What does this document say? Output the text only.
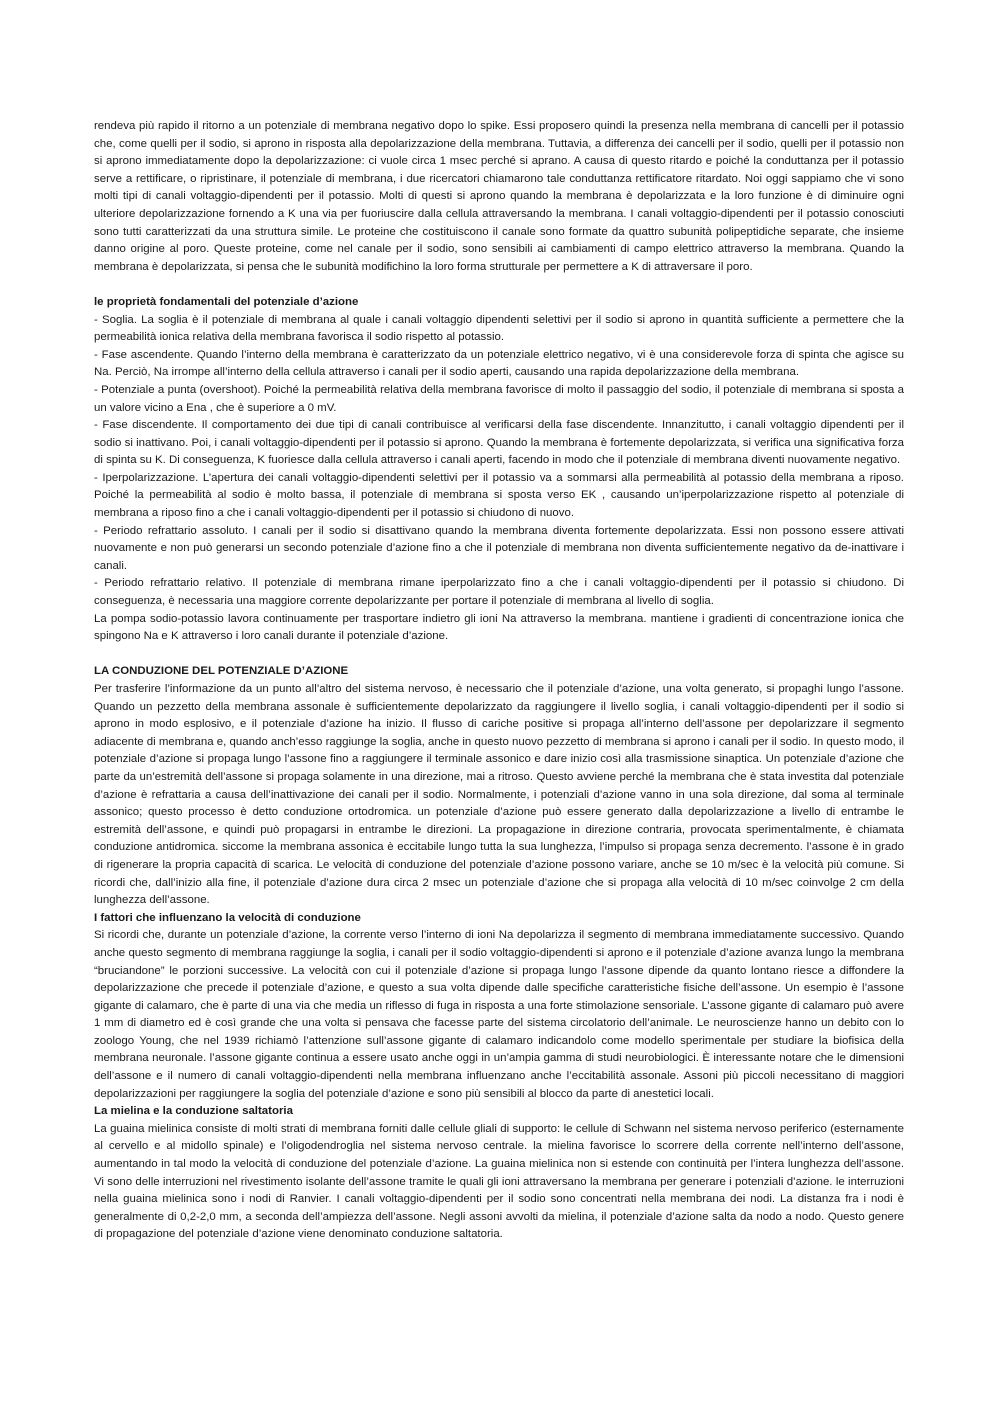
rendeva più rapido il ritorno a un potenziale di membrana negativo dopo lo spike. Essi proposero quindi la presenza nella membrana di cancelli per il potassio che, come quelli per il sodio, si aprono in risposta alla depolarizzazione della membrana. Tuttavia, a differenza dei cancelli per il sodio, quelli per il potassio non si aprono immediatamente dopo la depolarizzazione: ci vuole circa 1 msec perché si aprano. A causa di questo ritardo e poiché la conduttanza per il potassio serve a rettificare, o ripristinare, il potenziale di membrana, i due ricercatori chiamarono tale conduttanza rettificatore ritardato. Noi oggi sappiamo che vi sono molti tipi di canali voltaggio-dipendenti per il potassio. Molti di questi si aprono quando la membrana è depolarizzata e la loro funzione è di diminuire ogni ulteriore depolarizzazione fornendo a K una via per fuoriuscire dalla cellula attraversando la membrana. I canali voltaggio-dipendenti per il potassio conosciuti sono tutti caratterizzati da una struttura simile. Le proteine che costituiscono il canale sono formate da quattro subunità polipeptidiche separate, che insieme danno origine al poro. Queste proteine, come nel canale per il sodio, sono sensibili ai cambiamenti di campo elettrico attraverso la membrana. Quando la membrana è depolarizzata, si pensa che le subunità modifichino la loro forma strutturale per permettere a K di attraversare il poro.

le proprietà fondamentali del potenziale d’azione

- Soglia. La soglia è il potenziale di membrana al quale i canali voltaggio dipendenti selettivi per il sodio si aprono in quantità sufficiente a permettere che la permeabilità ionica relativa della membrana favorisca il sodio rispetto al potassio.

- Fase ascendente. Quando l’interno della membrana è caratterizzato da un potenziale elettrico negativo, vi è una considerevole forza di spinta che agisce su Na. Perciò, Na irrompe all’interno della cellula attraverso i canali per il sodio aperti, causando una rapida depolarizzazione della membrana.

- Potenziale a punta (overshoot). Poiché la permeabilità relativa della membrana favorisce di molto il passaggio del sodio, il potenziale di membrana si sposta a un valore vicino a Ena , che è superiore a 0 mV.

- Fase discendente. Il comportamento dei due tipi di canali contribuisce al verificarsi della fase discendente. Innanzitutto, i canali voltaggio dipendenti per il sodio si inattivano. Poi, i canali voltaggio-dipendenti per il potassio si aprono. Quando la membrana è fortemente depolarizzata, si verifica una significativa forza di spinta su K. Di conseguenza, K fuoriesce dalla cellula attraverso i canali aperti, facendo in modo che il potenziale di membrana diventi nuovamente negativo.

- Iperpolarizzazione. L’apertura dei canali voltaggio-dipendenti selettivi per il potassio va a sommarsi alla permeabilità al potassio della membrana a riposo. Poiché la permeabilità al sodio è molto bassa, il potenziale di membrana si sposta verso EK , causando un’iperpolarizzazione rispetto al potenziale di membrana a riposo fino a che i canali voltaggio-dipendenti per il potassio si chiudono di nuovo.

- Periodo refrattario assoluto. I canali per il sodio si disattivano quando la membrana diventa fortemente depolarizzata. Essi non possono essere attivati nuovamente e non può generarsi un secondo potenziale d’azione fino a che il potenziale di membrana non diventa sufficientemente negativo da de-inattivare i canali.

- Periodo refrattario relativo. Il potenziale di membrana rimane iperpolarizzato fino a che i canali voltaggio-dipendenti per il potassio si chiudono. Di conseguenza, è necessaria una maggiore corrente depolarizzante per portare il potenziale di membrana al livello di soglia.

La pompa sodio-potassio lavora continuamente per trasportare indietro gli ioni Na attraverso la membrana. mantiene i gradienti di concentrazione ionica che spingono Na e K attraverso i loro canali durante il potenziale d’azione.

LA CONDUZIONE DEL POTENZIALE D’AZIONE

Per trasferire l’informazione da un punto all’altro del sistema nervoso, è necessario che il potenziale d’azione, una volta generato, si propaghi lungo l’assone. Quando un pezzetto della membrana assonale è sufficientemente depolarizzato da raggiungere il livello soglia, i canali voltaggio-dipendenti per il sodio si aprono in modo esplosivo, e il potenziale d’azione ha inizio. Il flusso di cariche positive si propaga all’interno dell’assone per depolarizzare il segmento adiacente di membrana e, quando anch’esso raggiunge la soglia, anche in questo nuovo pezzetto di membrana si aprono i canali per il sodio. In questo modo, il potenziale d’azione si propaga lungo l’assone fino a raggiungere il terminale assonico e dare inizio così alla trasmissione sinaptica. Un potenziale d’azione che parte da un’estremità dell’assone si propaga solamente in una direzione, mai a ritroso. Questo avviene perché la membrana che è stata investita dal potenziale d’azione è refrattaria a causa dell’inattivazione dei canali per il sodio. Normalmente, i potenziali d’azione vanno in una sola direzione, dal soma al terminale assonico; questo processo è detto conduzione ortodromica. un potenziale d’azione può essere generato dalla depolarizzazione a livello di entrambe le estremità dell’assone, e quindi può propagarsi in entrambe le direzioni. La propagazione in direzione contraria, provocata sperimentalmente, è chiamata conduzione antidromica. siccome la membrana assonica è eccitabile lungo tutta la sua lunghezza, l’impulso si propaga senza decremento. l’assone è in grado di rigenerare la propria capacità di scarica. Le velocità di conduzione del potenziale d’azione possono variare, anche se 10 m/sec è la velocità più comune. Si ricordi che, dall’inizio alla fine, il potenziale d’azione dura circa 2 msec un potenziale d’azione che si propaga alla velocità di 10 m/sec coinvolge 2 cm della lunghezza dell’assone.

I fattori che influenzano la velocità di conduzione

Si ricordi che, durante un potenziale d’azione, la corrente verso l’interno di ioni Na depolarizza il segmento di membrana immediatamente successivo. Quando anche questo segmento di membrana raggiunge la soglia, i canali per il sodio voltaggio-dipendenti si aprono e il potenziale d’azione avanza lungo la membrana “bruciandone” le porzioni successive. La velocità con cui il potenziale d’azione si propaga lungo l’assone dipende da quanto lontano riesce a diffondere la depolarizzazione che precede il potenziale d’azione, e questo a sua volta dipende dalle specifiche caratteristiche fisiche dell’assone. Un esempio è l’assone gigante di calamaro, che è parte di una via che media un riflesso di fuga in risposta a una forte stimolazione sensoriale. L’assone gigante di calamaro può avere 1 mm di diametro ed è così grande che una volta si pensava che facesse parte del sistema circolatorio dell’animale. Le neuroscienze hanno un debito con lo zoologo Young, che nel 1939 richiamò l’attenzione sull’assone gigante di calamaro indicandolo come modello sperimentale per studiare la biofisica della membrana neuronale. l’assone gigante continua a essere usato anche oggi in un’ampia gamma di studi neurobiologici. È interessante notare che le dimensioni dell’assone e il numero di canali voltaggio-dipendenti nella membrana influenzano anche l’eccitabilità assonale. Assoni più piccoli necessitano di maggiori depolarizzazioni per raggiungere la soglia del potenziale d’azione e sono più sensibili al blocco da parte di anestetici locali.

La mielina e la conduzione saltatoria

La guaina mielinica consiste di molti strati di membrana forniti dalle cellule gliali di supporto: le cellule di Schwann nel sistema nervoso periferico (esternamente al cervello e al midollo spinale) e l’oligodendroglia nel sistema nervoso centrale. la mielina favorisce lo scorrere della corrente nell’interno dell’assone, aumentando in tal modo la velocità di conduzione del potenziale d’azione. La guaina mielinica non si estende con continuità per l’intera lunghezza dell’assone. Vi sono delle interruzioni nel rivestimento isolante dell’assone tramite le quali gli ioni attraversano la membrana per generare i potenziali d’azione. le interruzioni nella guaina mielinica sono i nodi di Ranvier. I canali voltaggio-dipendenti per il sodio sono concentrati nella membrana dei nodi. La distanza fra i nodi è generalmente di 0,2-2,0 mm, a seconda dell’ampiezza dell’assone. Negli assoni avvolti da mielina, il potenziale d’azione salta da nodo a nodo. Questo genere di propagazione del potenziale d’azione viene denominato conduzione saltatoria.
